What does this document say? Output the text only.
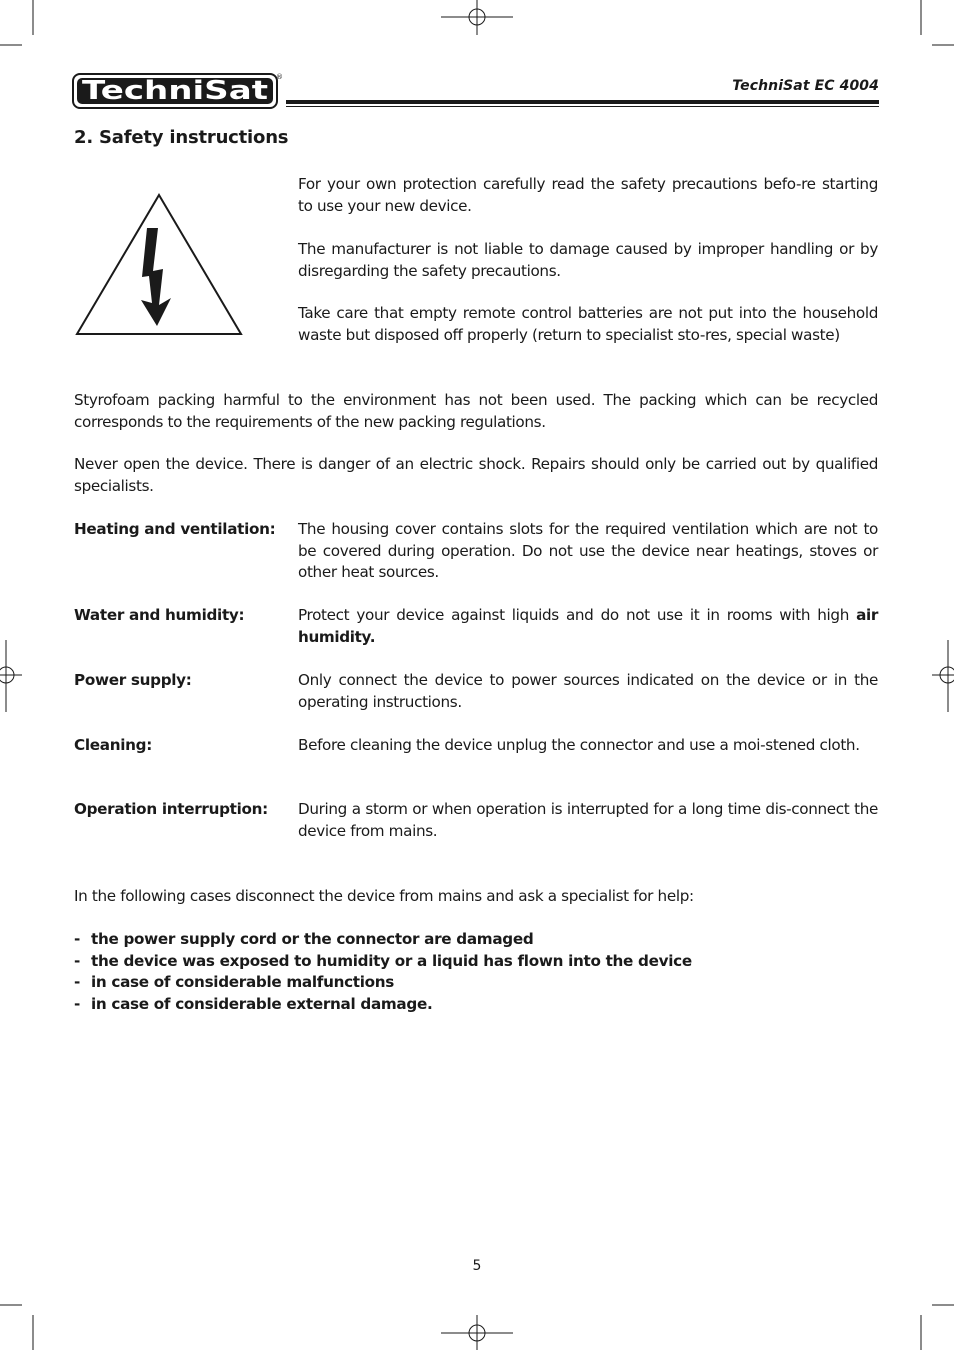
TechniSat ®
TechniSat EC 4004
2. Safety instructions

For your own protection carefully read the safety precautions befo-re starting to use your new device.

The manufacturer is not liable to damage caused by improper handling or by disregarding the safety precautions.

Take care that empty remote control batteries are not put into the household waste but disposed off properly (return to specialist sto-res, special waste)

Styrofoam packing harmful to the environment has not been used. The packing which can be recycled corresponds to the requirements of the new packing regulations.

Never open the device. There is danger of an electric shock. Repairs should only be carried out by qualified specialists.

Heating and ventilation: The housing cover contains slots for the required ventilation which are not to be covered during operation. Do not use the device near heatings, stoves or other heat sources.

Water and humidity:	Protect your device against liquids and do not use it in rooms with high air humidity.

Power supply:	Only connect the device to power sources indicated on the device or in the operating instructions.

Cleaning:	Before cleaning the device unplug the connector and use a moi-stened cloth.

Operation interruption: During a storm or when operation is interrupted for a long time dis-connect the device from mains.

In the following cases disconnect the device from mains and ask a specialist for help:

- the power supply cord or the connector are damaged
- the device was exposed to humidity or a liquid has flown into the device
- in case of considerable malfunctions
- in case of considerable external damage.
5
